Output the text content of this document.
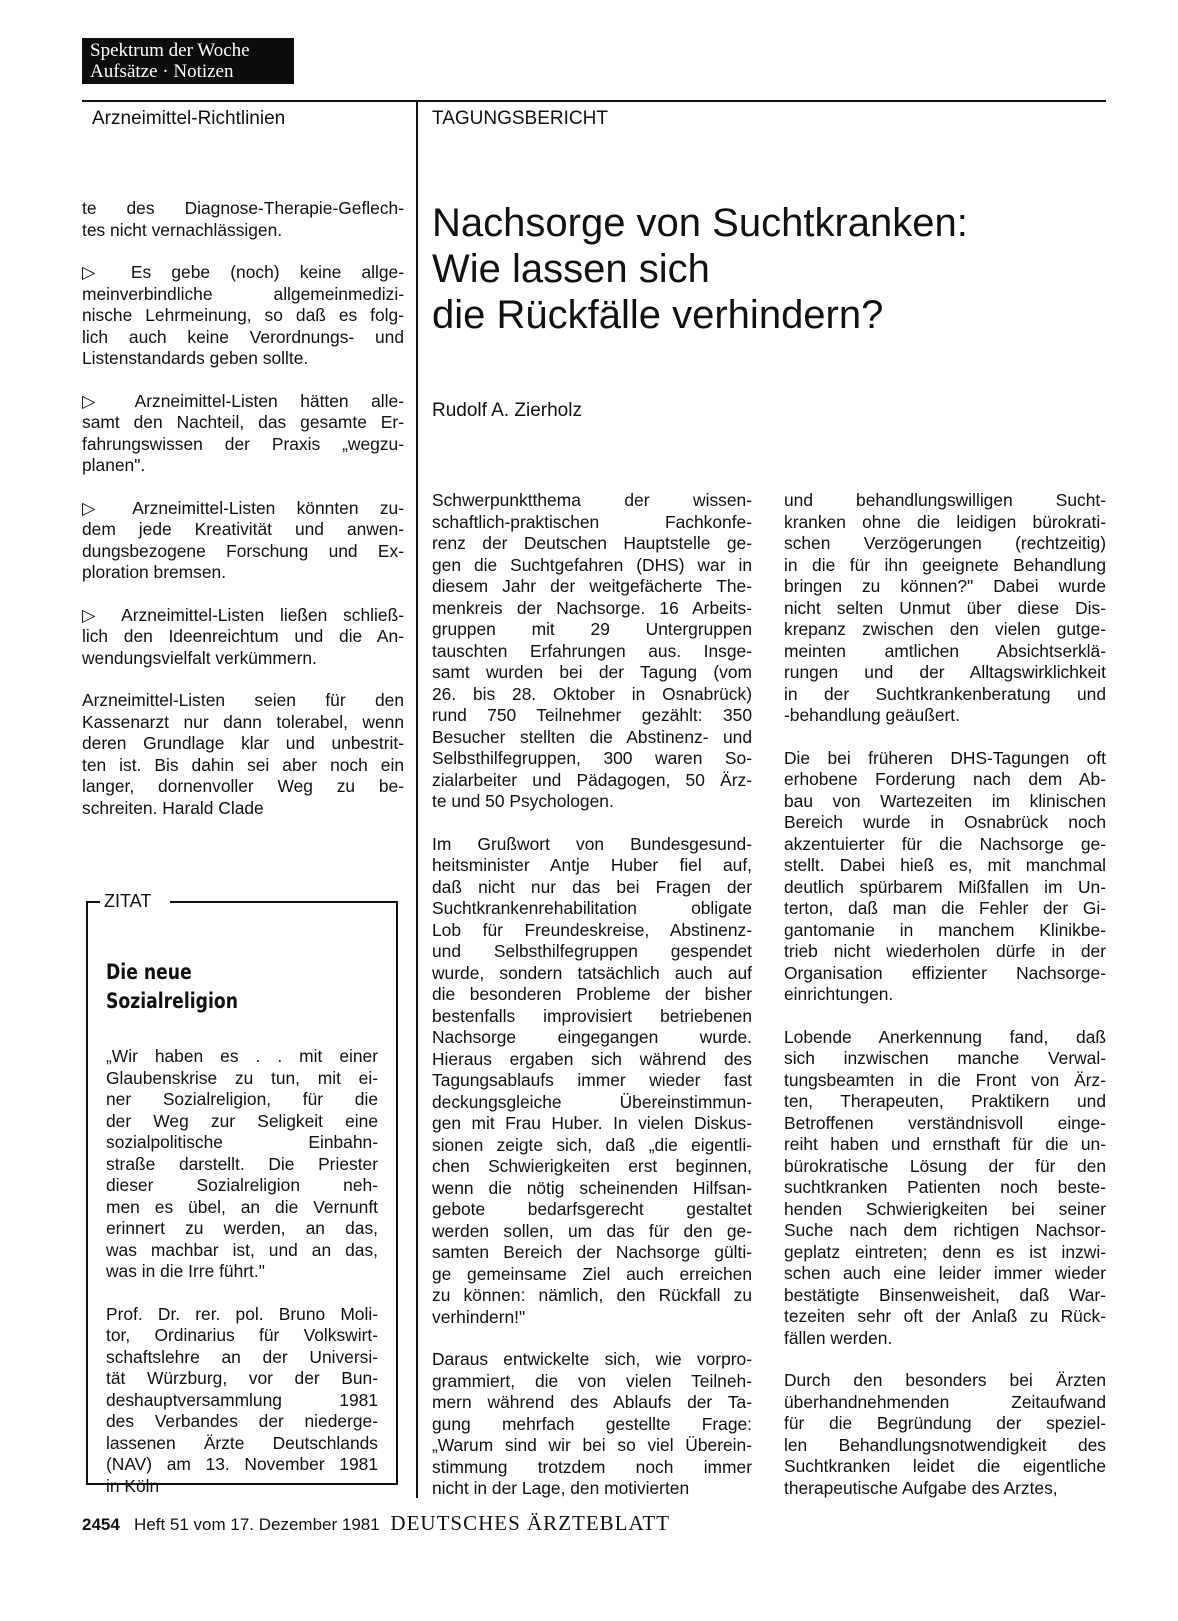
Spektrum der Woche
Aufsätze · Notizen
Arzneimittel-Richtlinien	TAGUNGSBERICHT

te des Diagnose-Therapie-Geflech-
tes nicht vernachlässigen.

▷ Es gebe (noch) keine allge-
meinverbindliche allgemeinmedizi-
nische Lehrmeinung, so daß es folg-
lich auch keine Verordnungs- und
Listenstandards geben sollte.

▷ Arzneimittel-Listen hätten alle-
samt den Nachteil, das gesamte Er-
fahrungswissen der Praxis „wegzu-
planen".

▷ Arzneimittel-Listen könnten zu-
dem jede Kreativität und anwen-
dungsbezogene Forschung und Ex-
ploration bremsen.

▷ Arzneimittel-Listen ließen schließ-
lich den Ideenreichtum und die An-
wendungsvielfalt verkümmern.

Arzneimittel-Listen seien für den
Kassenarzt nur dann tolerabel, wenn
deren Grundlage klar und unbestrit-
ten ist. Bis dahin sei aber noch ein
langer, dornenvoller Weg zu be-
schreiten. Harald Clade

ZITAT
Die neue
Sozialreligion

„Wir haben es . . mit einer
Glaubenskrise zu tun, mit ei-
ner Sozialreligion, für die
der Weg zur Seligkeit eine
sozialpolitische Einbahn-
straße darstellt. Die Priester
dieser Sozialreligion neh-
men es übel, an die Vernunft
erinnert zu werden, an das,
was machbar ist, und an das,
was in die Irre führt."

Prof. Dr. rer. pol. Bruno Moli-
tor, Ordinarius für Volkswirt-
schaftslehre an der Universi-
tät Würzburg, vor der Bun-
deshauptversammlung 1981
des Verbandes der niederge-
lassenen Ärzte Deutschlands
(NAV) am 13. November 1981
in Köln

Nachsorge von Suchtkranken:
Wie lassen sich
die Rückfälle verhindern?
Rudolf A. Zierholz

Schwerpunktthema der wissen-
schaftlich-praktischen Fachkonfe-
renz der Deutschen Hauptstelle ge-
gen die Suchtgefahren (DHS) war in
diesem Jahr der weitgefächerte The-
menkreis der Nachsorge. 16 Arbeits-
gruppen mit 29 Untergruppen
tauschten Erfahrungen aus. Insge-
samt wurden bei der Tagung (vom
26. bis 28. Oktober in Osnabrück)
rund 750 Teilnehmer gezählt: 350
Besucher stellten die Abstinenz- und
Selbsthilfegruppen, 300 waren So-
zialarbeiter und Pädagogen, 50 Ärz-
te und 50 Psychologen.

Im Grußwort von Bundesgesund-
heitsminister Antje Huber fiel auf,
daß nicht nur das bei Fragen der
Suchtkrankenrehabilitation obligate
Lob für Freundeskreise, Abstinenz-
und Selbsthilfegruppen gespendet
wurde, sondern tatsächlich auch auf
die besonderen Probleme der bisher
bestenfalls improvisiert betriebenen
Nachsorge eingegangen wurde.
Hieraus ergaben sich während des
Tagungsablaufs immer wieder fast
deckungsgleiche Übereinstimmun-
gen mit Frau Huber. In vielen Diskus-
sionen zeigte sich, daß „die eigentli-
chen Schwierigkeiten erst beginnen,
wenn die nötig scheinenden Hilfsan-
gebote bedarfsgerecht gestaltet
werden sollen, um das für den ge-
samten Bereich der Nachsorge gülti-
ge gemeinsame Ziel auch erreichen
zu können: nämlich, den Rückfall zu
verhindern!"

Daraus entwickelte sich, wie vorpro-
grammiert, die von vielen Teilneh-
mern während des Ablaufs der Ta-
gung mehrfach gestellte Frage:
„Warum sind wir bei so viel Überein-
stimmung trotzdem noch immer
nicht in der Lage, den motivierten

und behandlungswilligen Sucht-
kranken ohne die leidigen bürokrati-
schen Verzögerungen (rechtzeitig)
in die für ihn geeignete Behandlung
bringen zu können?" Dabei wurde
nicht selten Unmut über diese Dis-
krepanz zwischen den vielen gutge-
meinten amtlichen Absichtserklä-
rungen und der Alltagswirklichkeit
in der Suchtkrankenberatung und
-behandlung geäußert.

Die bei früheren DHS-Tagungen oft
erhobene Forderung nach dem Ab-
bau von Wartezeiten im klinischen
Bereich wurde in Osnabrück noch
akzentuierter für die Nachsorge ge-
stellt. Dabei hieß es, mit manchmal
deutlich spürbarem Mißfallen im Un-
terton, daß man die Fehler der Gi-
gantomanie in manchem Klinikbe-
trieb nicht wiederholen dürfe in der
Organisation effizienter Nachsorge-
einrichtungen.

Lobende Anerkennung fand, daß
sich inzwischen manche Verwal-
tungsbeamten in die Front von Ärz-
ten, Therapeuten, Praktikern und
Betroffenen verständnisvoll einge-
reiht haben und ernsthaft für die un-
bürokratische Lösung der für den
suchtkranken Patienten noch beste-
henden Schwierigkeiten bei seiner
Suche nach dem richtigen Nachsor-
geplatz eintreten; denn es ist inzwi-
schen auch eine leider immer wieder
bestätigte Binsenweisheit, daß War-
tezeiten sehr oft der Anlaß zu Rück-
fällen werden.

Durch den besonders bei Ärzten
überhandnehmenden Zeitaufwand
für die Begründung der speziel-
len Behandlungsnotwendigkeit des
Suchtkranken leidet die eigentliche
therapeutische Aufgabe des Arztes,

2454 Heft 51 vom 17. Dezember 1981 DEUTSCHES ÄRZTEBLATT
